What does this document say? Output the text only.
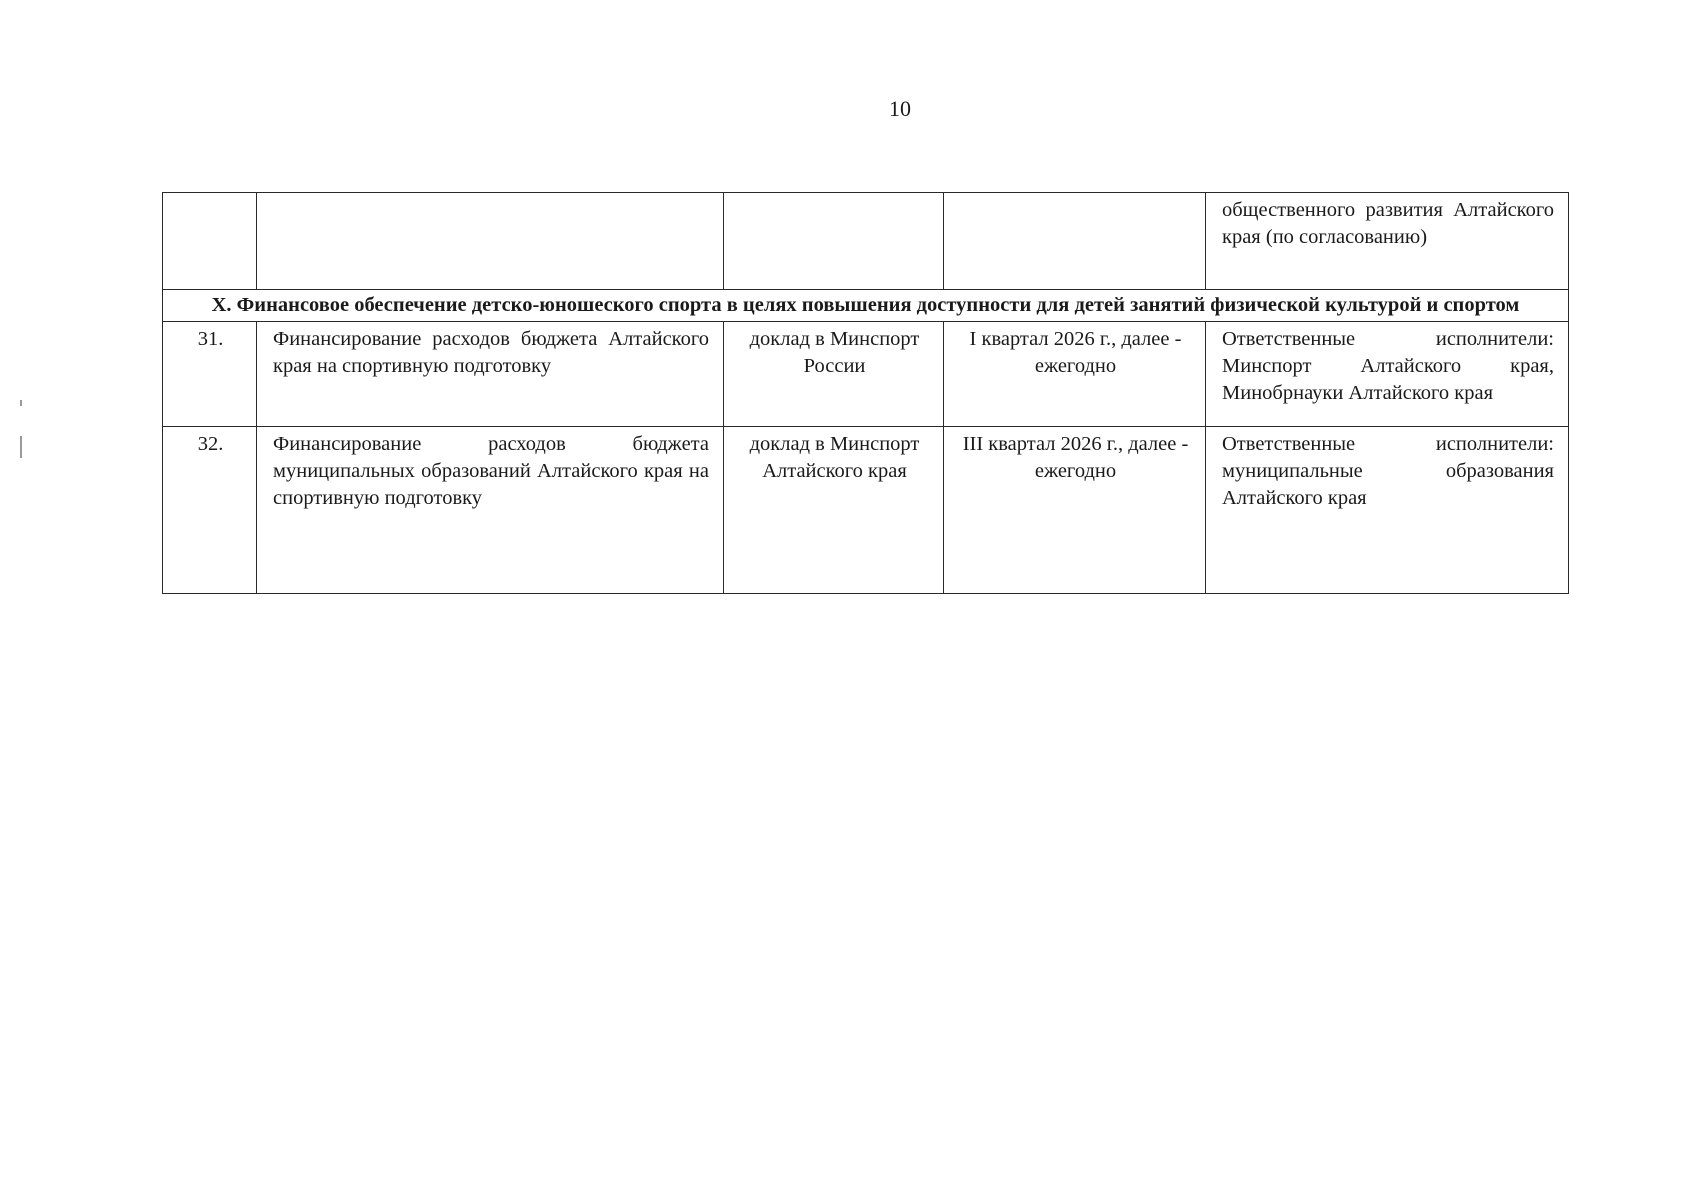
10
				общественного развития Алтайского края (по согласованию)
X. Финансовое обеспечение детско-юношеского спорта в целях повышения доступности для детей занятий физической культурой и спортом				
31.	Финансирование расходов бюджета Алтайского края на спортивную подготовку	доклад в Минспорт России	I квартал 2026 г., далее - ежегодно	Ответственные исполнители: Минспорт Алтайского края, Минобрнауки Алтайского края
32.	Финансирование расходов бюджета муниципальных образований Алтайского края на спортивную подготовку	доклад в Минспорт Алтайского края	III квартал 2026 г., далее - ежегодно	Ответственные исполнители: муниципальные образования Алтайского края
